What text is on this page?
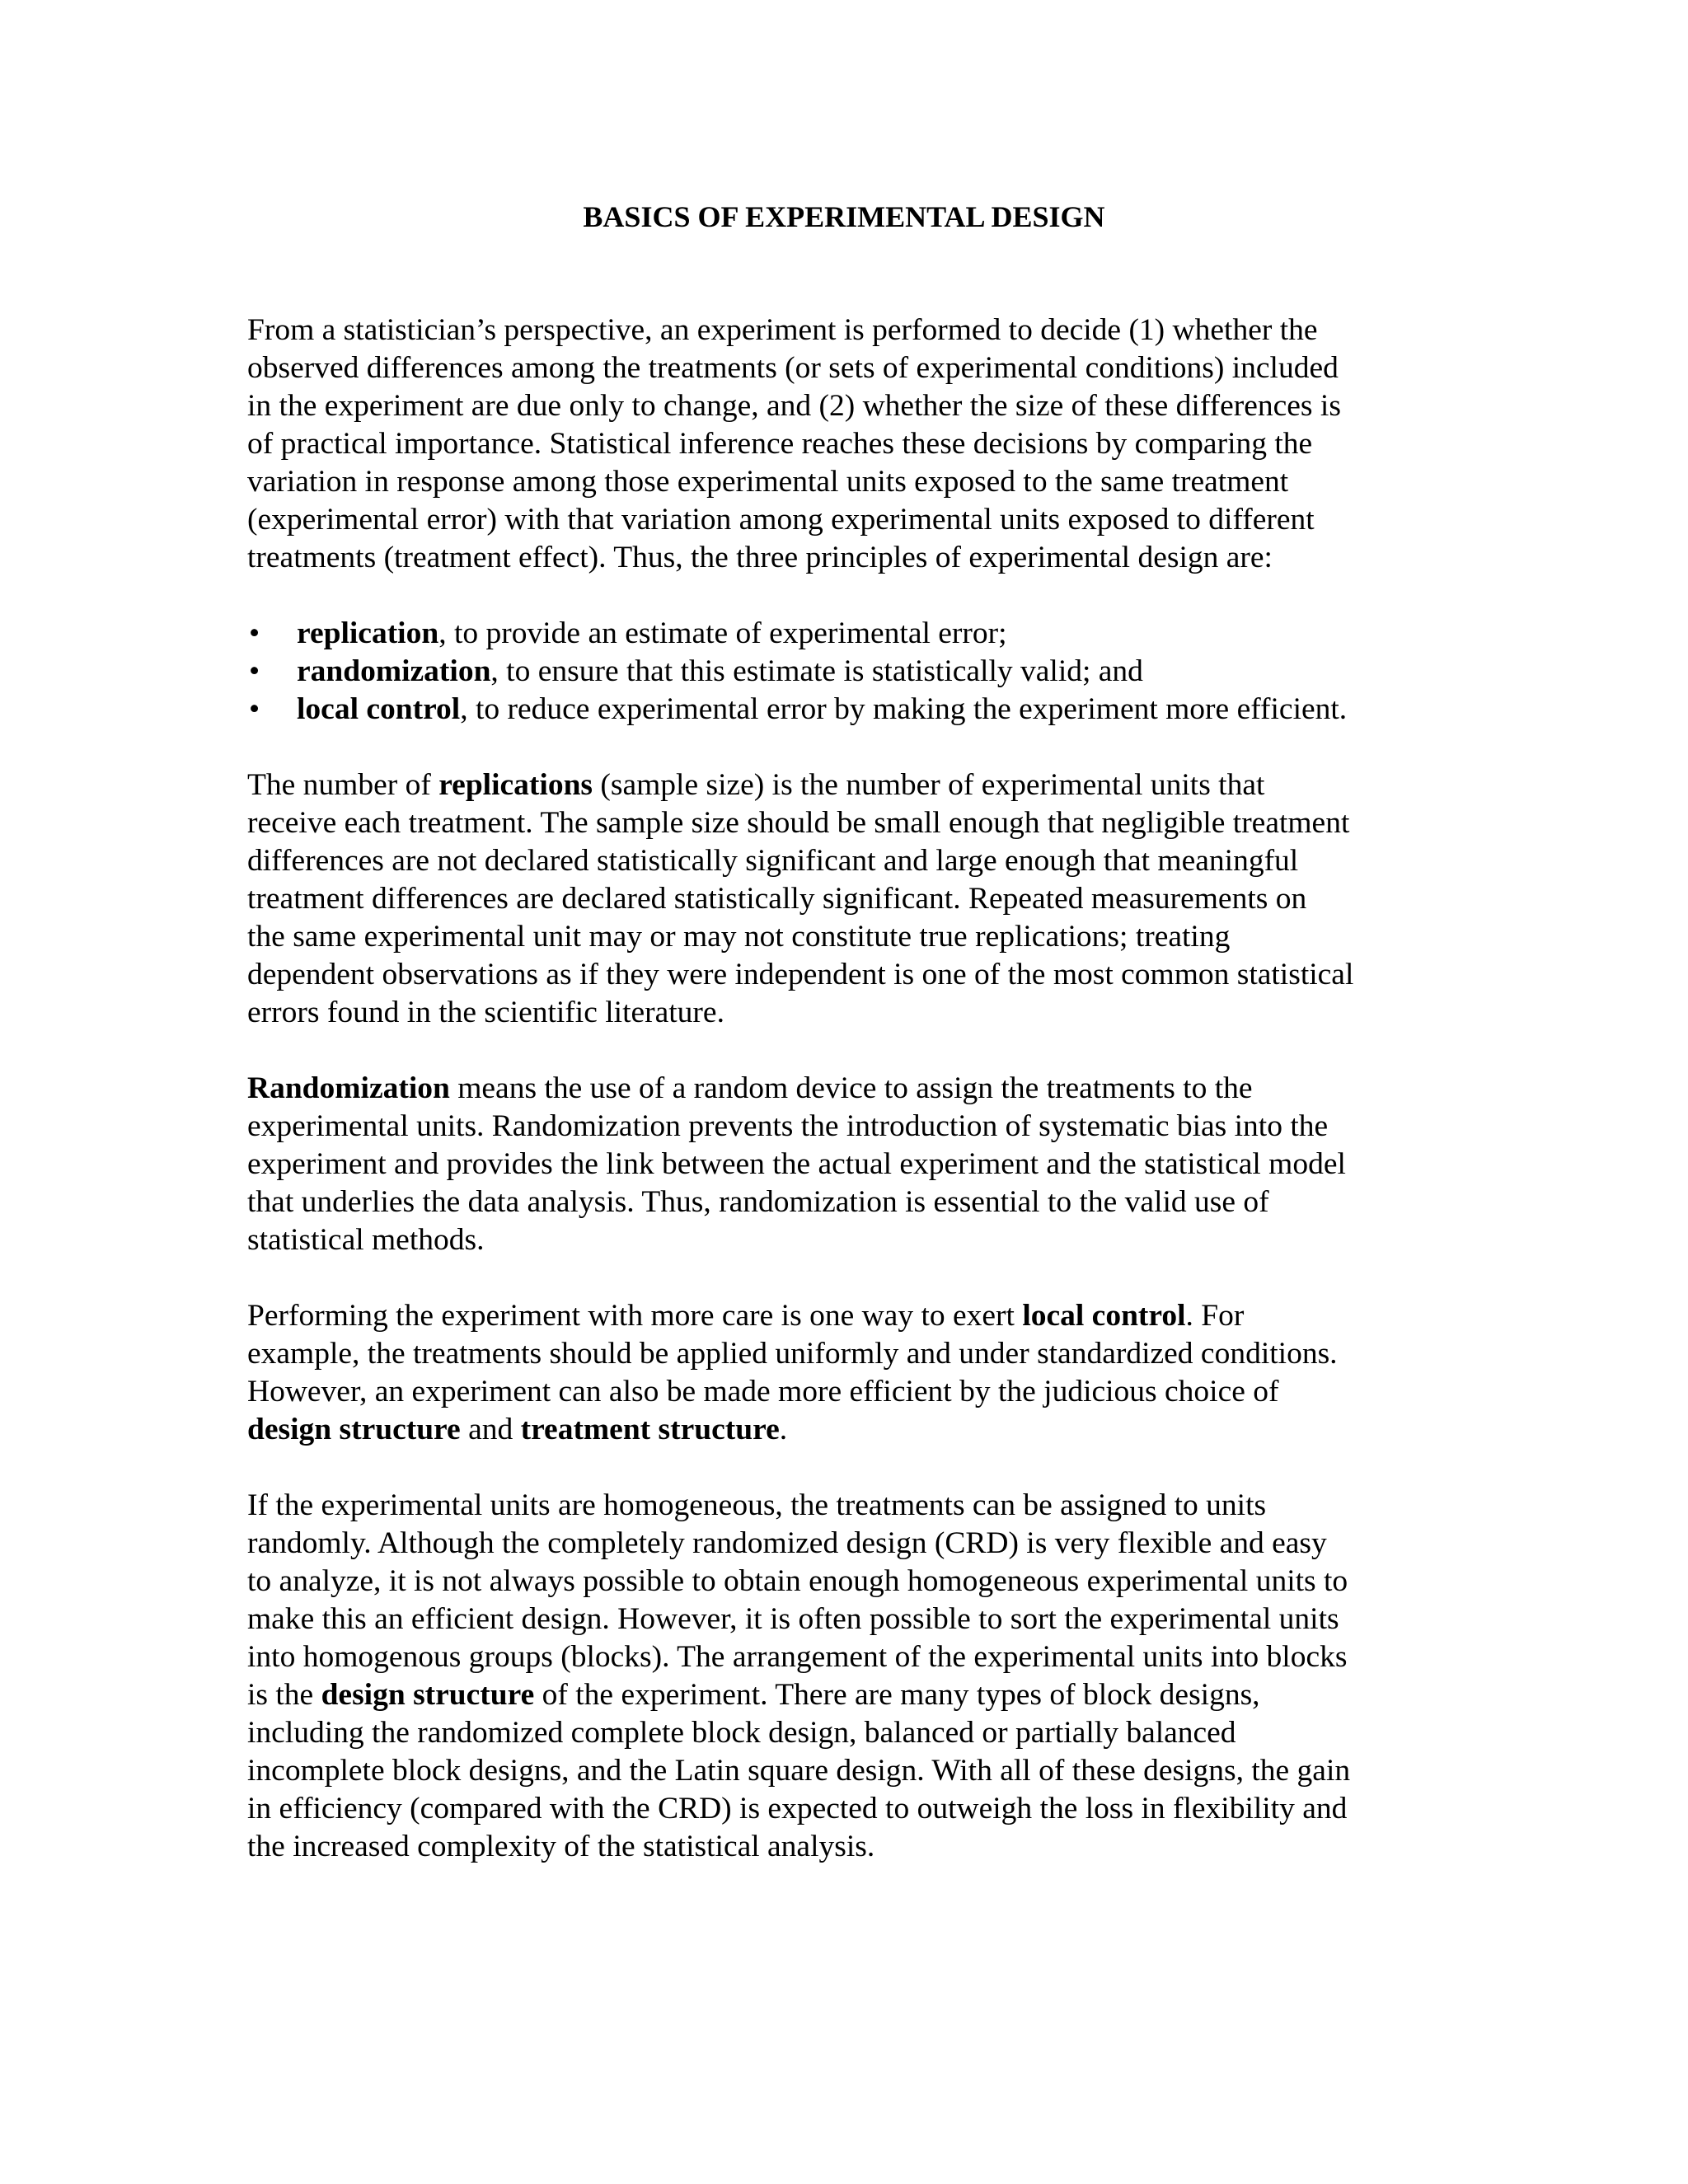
BASICS OF EXPERIMENTAL DESIGN

From a statistician’s perspective, an experiment is performed to decide (1) whether the
observed differences among the treatments (or sets of experimental conditions) included
in the experiment are due only to change, and (2) whether the size of these differences is
of practical importance. Statistical inference reaches these decisions by comparing the
variation in response among those experimental units exposed to the same treatment
(experimental error) with that variation among experimental units exposed to different
treatments (treatment effect). Thus, the three principles of experimental design are:

• replication, to provide an estimate of experimental error;
• randomization, to ensure that this estimate is statistically valid; and
• local control, to reduce experimental error by making the experiment more efficient.

The number of replications (sample size) is the number of experimental units that
receive each treatment. The sample size should be small enough that negligible treatment
differences are not declared statistically significant and large enough that meaningful
treatment differences are declared statistically significant. Repeated measurements on
the same experimental unit may or may not constitute true replications; treating
dependent observations as if they were independent is one of the most common statistical
errors found in the scientific literature.

Randomization means the use of a random device to assign the treatments to the
experimental units. Randomization prevents the introduction of systematic bias into the
experiment and provides the link between the actual experiment and the statistical model
that underlies the data analysis. Thus, randomization is essential to the valid use of
statistical methods.

Performing the experiment with more care is one way to exert local control. For
example, the treatments should be applied uniformly and under standardized conditions.
However, an experiment can also be made more efficient by the judicious choice of
design structure and treatment structure.

If the experimental units are homogeneous, the treatments can be assigned to units
randomly. Although the completely randomized design (CRD) is very flexible and easy
to analyze, it is not always possible to obtain enough homogeneous experimental units to
make this an efficient design. However, it is often possible to sort the experimental units
into homogenous groups (blocks). The arrangement of the experimental units into blocks
is the design structure of the experiment. There are many types of block designs,
including the randomized complete block design, balanced or partially balanced
incomplete block designs, and the Latin square design. With all of these designs, the gain
in efficiency (compared with the CRD) is expected to outweigh the loss in flexibility and
the increased complexity of the statistical analysis.
